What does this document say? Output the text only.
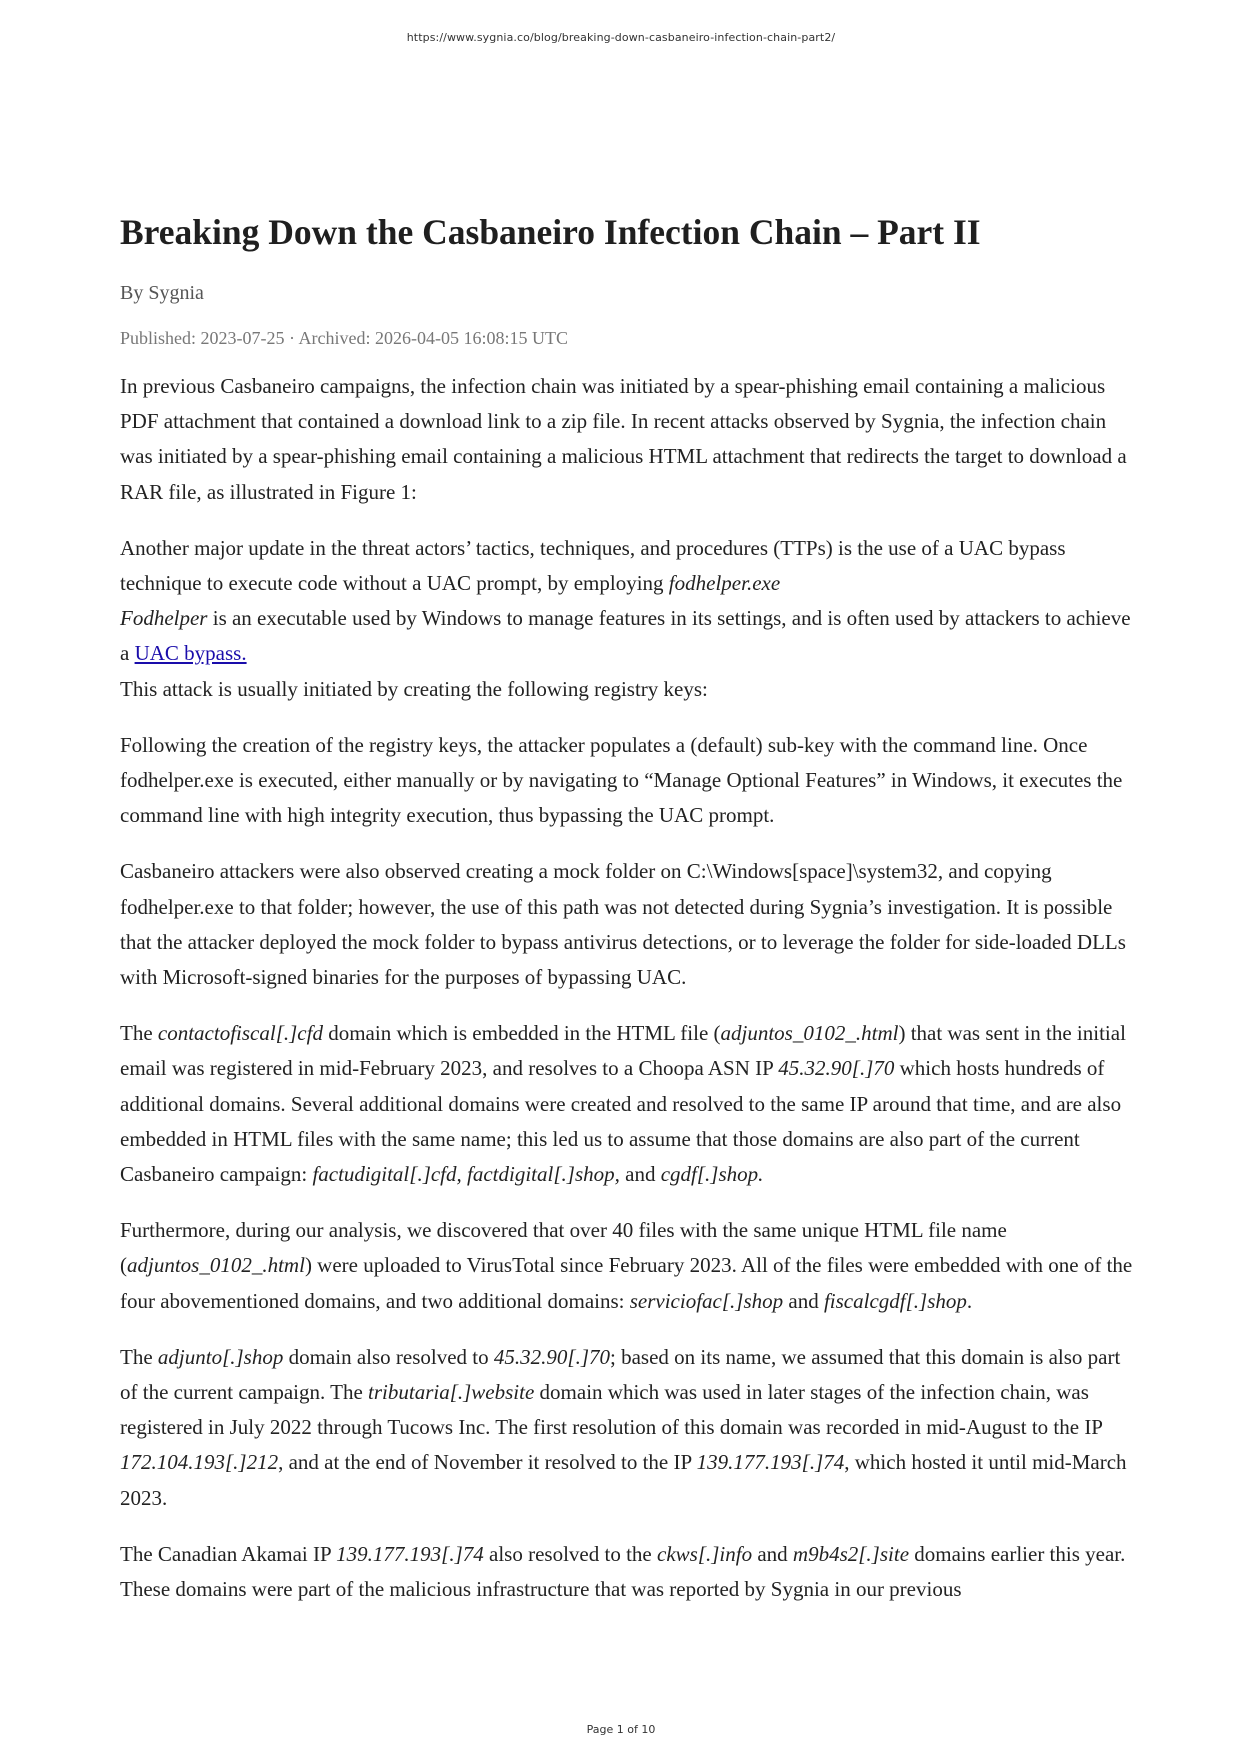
https://www.sygnia.co/blog/breaking-down-casbaneiro-infection-chain-part2/
Breaking Down the Casbaneiro Infection Chain – Part II
By Sygnia
Published: 2023-07-25 · Archived: 2026-04-05 16:08:15 UTC

In previous Casbaneiro campaigns, the infection chain was initiated by a spear-phishing email containing a malicious PDF attachment that contained a download link to a zip file. In recent attacks observed by Sygnia, the infection chain was initiated by a spear-phishing email containing a malicious HTML attachment that redirects the target to download a RAR file, as illustrated in Figure 1:

Another major update in the threat actors’ tactics, techniques, and procedures (TTPs) is the use of a UAC bypass technique to execute code without a UAC prompt, by employing fodhelper.exe

Fodhelper is an executable used by Windows to manage features in its settings, and is often used by attackers to achieve a UAC bypass.

This attack is usually initiated by creating the following registry keys:

Following the creation of the registry keys, the attacker populates a (default) sub-key with the command line. Once fodhelper.exe is executed, either manually or by navigating to “Manage Optional Features” in Windows, it executes the command line with high integrity execution, thus bypassing the UAC prompt.

Casbaneiro attackers were also observed creating a mock folder on C:\Windows[space]\system32, and copying fodhelper.exe to that folder; however, the use of this path was not detected during Sygnia’s investigation. It is possible that the attacker deployed the mock folder to bypass antivirus detections, or to leverage the folder for side-loaded DLLs with Microsoft-signed binaries for the purposes of bypassing UAC.

The contactofiscal[.]cfd domain which is embedded in the HTML file (adjuntos_0102_.html) that was sent in the initial email was registered in mid-February 2023, and resolves to a Choopa ASN IP 45.32.90[.]70 which hosts hundreds of additional domains. Several additional domains were created and resolved to the same IP around that time, and are also embedded in HTML files with the same name; this led us to assume that those domains are also part of the current Casbaneiro campaign: factudigital[.]cfd, factdigital[.]shop, and cgdf[.]shop.

Furthermore, during our analysis, we discovered that over 40 files with the same unique HTML file name (adjuntos_0102_.html) were uploaded to VirusTotal since February 2023. All of the files were embedded with one of the four abovementioned domains, and two additional domains: serviciofac[.]shop and fiscalcgdf[.]shop.

The adjunto[.]shop domain also resolved to 45.32.90[.]70; based on its name, we assumed that this domain is also part of the current campaign. The tributaria[.]website domain which was used in later stages of the infection chain, was registered in July 2022 through Tucows Inc. The first resolution of this domain was recorded in mid-August to the IP 172.104.193[.]212, and at the end of November it resolved to the IP 139.177.193[.]74, which hosted it until mid-March 2023.

The Canadian Akamai IP 139.177.193[.]74 also resolved to the ckws[.]info and m9b4s2[.]site domains earlier this year. These domains were part of the malicious infrastructure that was reported by Sygnia in our previous

Page 1 of 10
